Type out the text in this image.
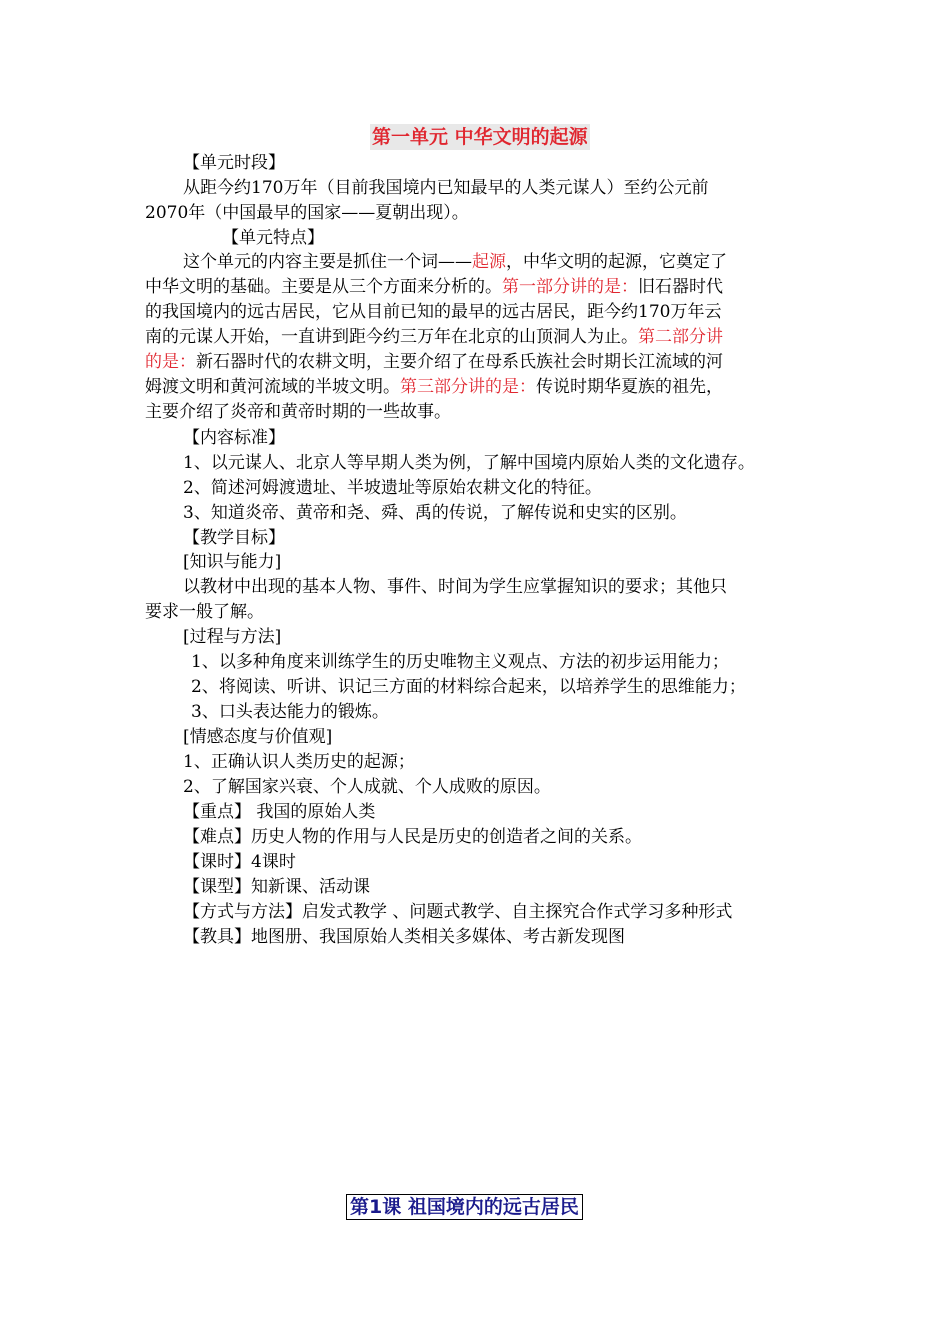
第一单元 中华文明的起源
【单元时段】
从距今约170万年（目前我国境内已知最早的人类元谋人）至约公元前
2070年（中国最早的国家——夏朝出现）。
【单元特点】
这个单元的内容主要是抓住一个词——起源，中华文明的起源，它奠定了
中华文明的基础。主要是从三个方面来分析的。第一部分讲的是：旧石器时代
的我国境内的远古居民，它从目前已知的最早的远古居民，距今约170万年云
南的元谋人开始，一直讲到距今约三万年在北京的山顶洞人为止。第二部分讲
的是：新石器时代的农耕文明，主要介绍了在母系氏族社会时期长江流域的河
姆渡文明和黄河流域的半坡文明。第三部分讲的是：传说时期华夏族的祖先，
主要介绍了炎帝和黄帝时期的一些故事。
【内容标准】
1、以元谋人、北京人等早期人类为例，了解中国境内原始人类的文化遗存。
2、简述河姆渡遗址、半坡遗址等原始农耕文化的特征。
3、知道炎帝、黄帝和尧、舜、禹的传说，了解传说和史实的区别。
【教学目标】
[知识与能力]
以教材中出现的基本人物、事件、时间为学生应掌握知识的要求；其他只
要求一般了解。
[过程与方法]
1、以多种角度来训练学生的历史唯物主义观点、方法的初步运用能力；
2、将阅读、听讲、识记三方面的材料综合起来，以培养学生的思维能力；
3、口头表达能力的锻炼。
[情感态度与价值观]
1、正确认识人类历史的起源；
2、了解国家兴衰、个人成就、个人成败的原因。
【重点】 我国的原始人类
【难点】历史人物的作用与人民是历史的创造者之间的关系。
【课时】4课时
【课型】知新课、活动课
【方式与方法】启发式教学 、问题式教学、自主探究合作式学习多种形式
【教具】地图册、我国原始人类相关多媒体、考古新发现图
第1课 祖国境内的远古居民
